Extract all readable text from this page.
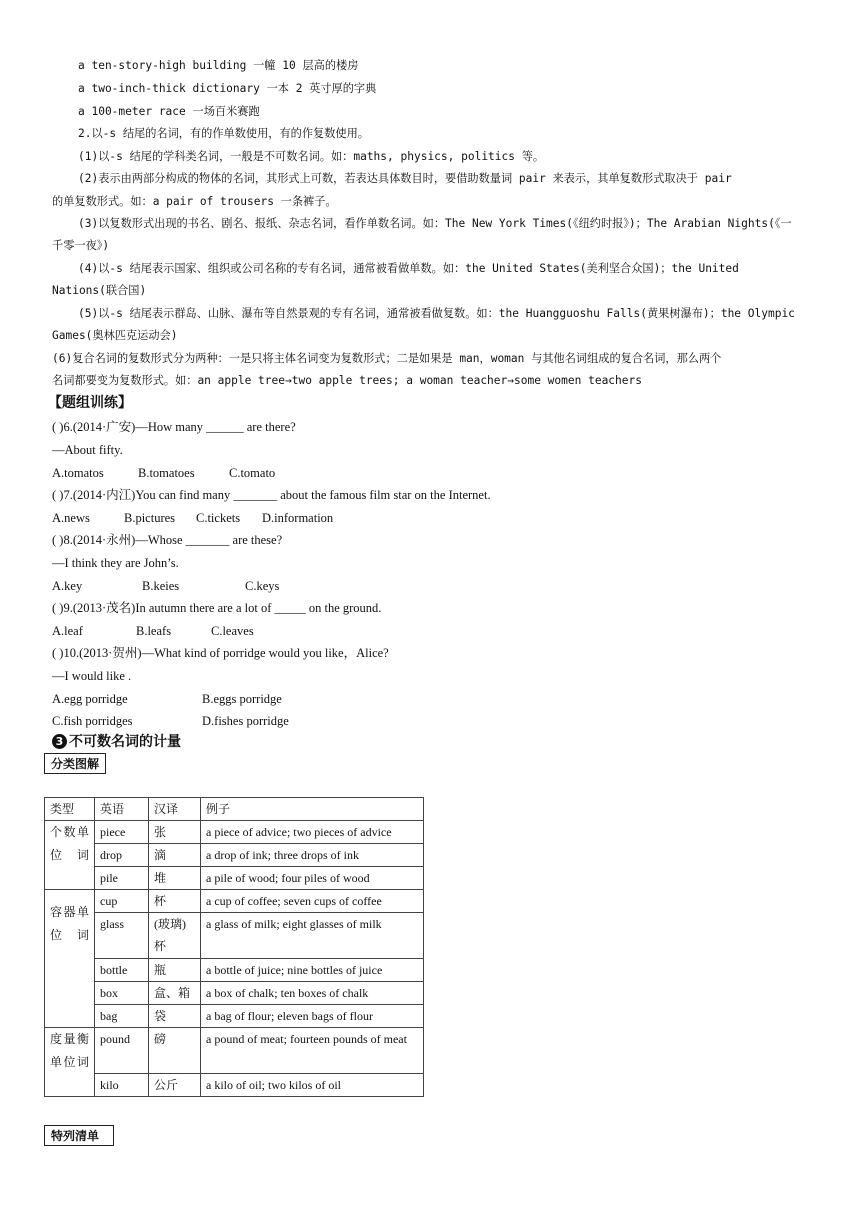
a ten-story-high building 一幢 10 层高的楼房
a two-inch-thick dictionary 一本 2 英寸厚的字典
a 100-meter race 一场百米赛跑
2.以-s 结尾的名词，有的作单数使用，有的作复数使用。
(1)以-s 结尾的学科类名词，一般是不可数名词。如：maths, physics, politics 等。
(2)表示由两部分构成的物体的名词，其形式上可数，若表达具体数目时，要借助数量词 pair 来表示，其单复数形式取决于 pair
的单复数形式。如：a pair of trousers 一条裤子。
(3)以复数形式出现的书名、剧名、报纸、杂志名词，看作单数名词。如：The New York Times(《纽约时报》)；The Arabian Nights(《一
千零一夜》)
(4)以-s 结尾表示国家、组织或公司名称的专有名词，通常被看做单数。如：the United States(美利坚合众国)；the United
Nations(联合国)
(5)以-s 结尾表示群岛、山脉、瀑布等自然景观的专有名词，通常被看做复数。如：the Huangguoshu Falls(黄果树瀑布)；the Olympic
Games(奥林匹克运动会)
(6)复合名词的复数形式分为两种：一是只将主体名词变为复数形式；二是如果是 man，woman 与其他名词组成的复合名词，那么两个
名词都要变为复数形式。如：an apple tree→two apple trees; a woman teacher→some women teachers
【题组训练】
( )6.(2014·广安)—How many ______ are there?
—About fifty.
A.tomatos	B.tomatoes	C.tomato
( )7.(2014·内江)You can find many _______ about the famous film star on the Internet.
A.news	B.pictures C.tickets D.information
( )8.(2014·永州)—Whose _______ are these?
—I think they are John’s.
A.key	B.keies	C.keys
( )9.(2013·茂名)In autumn there are a lot of _____ on the ground.
A.leaf	B.leafs	C.leaves
( )10.(2013·贺州)—What kind of porridge would you like，Alice?
—I would like .
A.egg porridge	B.eggs porridge
C.fish porridges	D.fishes porridge
3 不可数名词的计量
分类图解
类型	英语	汉译	例子
个数单位词	piece	张	a piece of advice; two pieces of advice
	drop	滴	a drop of ink; three drops of ink
	pile	堆	a pile of wood; four piles of wood
容器单位词	cup	杯	a cup of coffee; seven cups of coffee
	glass	(玻璃)杯	a glass of milk; eight glasses of milk
	bottle	瓶	a bottle of juice; nine bottles of juice
	box	盒、箱	a box of chalk; ten boxes of chalk
	bag	袋	a bag of flour; eleven bags of flour
度量衡单位词	pound	磅	a pound of meat; fourteen pounds of meat
	kilo	公斤	a kilo of oil; two kilos of oil
特列清单
